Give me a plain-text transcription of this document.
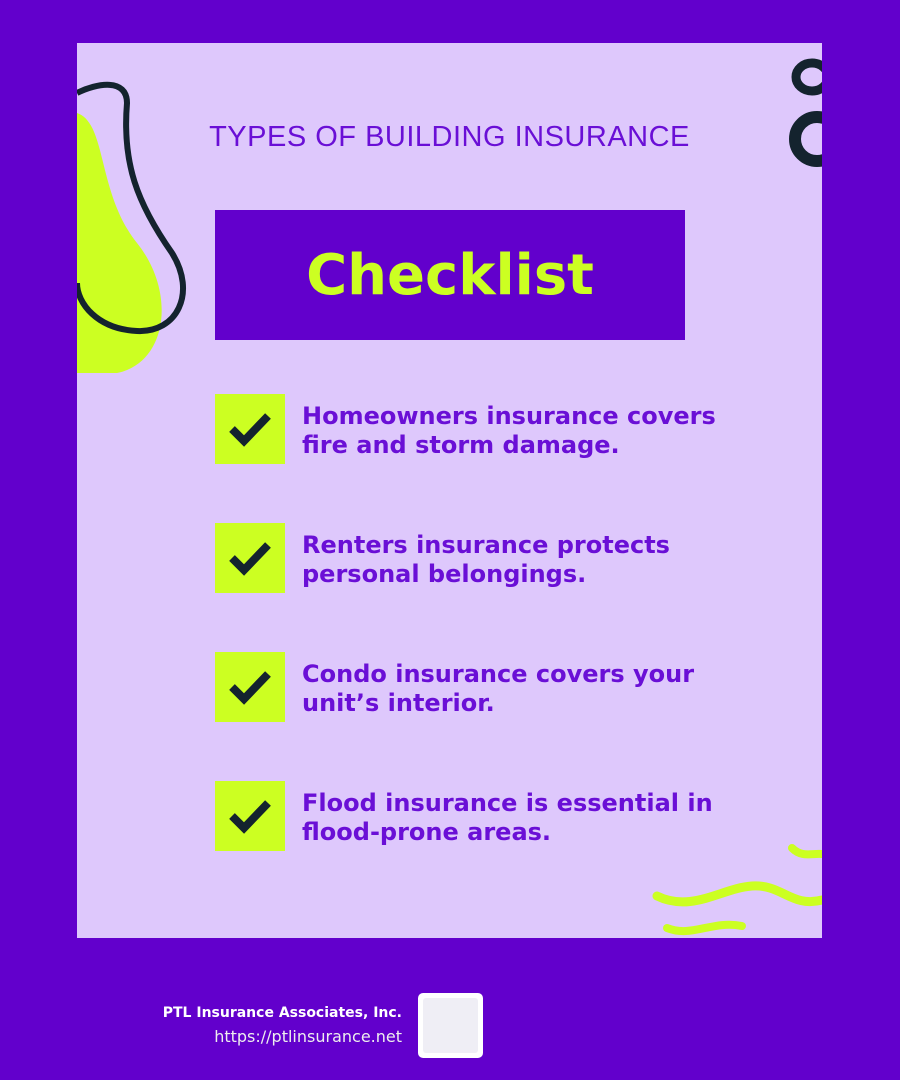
TYPES OF BUILDING INSURANCE
Checklist
Homeowners insurance covers fire and storm damage.
Renters insurance protects personal belongings.
Condo insurance covers your unit’s interior.
Flood insurance is essential in flood-prone areas.
PTL Insurance Associates, Inc.
https://ptlinsurance.net
